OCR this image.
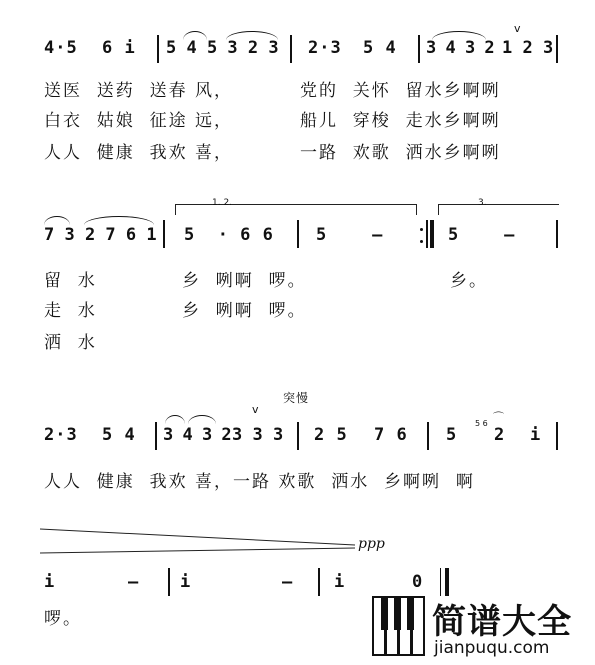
v
4·5 6 i 5 4 5 3 2 3 2·3 5 4 3 4 3 2 1 2 3
送医  送药  送春 风，
白衣  姑娘  征途 远，
人人  健康  我欢 喜，
党的  关怀  留水乡啊咧
船儿  穿梭  走水乡啊咧
一路  欢歌  洒水乡啊咧
1. 2.	3.
7 3 2 7 6 1 5  · 6 6 5    —	5    —
留  水
走  水
洒  水
乡  咧啊  啰。
乡  咧啊  啰。
乡。
突慢
v
2·3 5 4 3 4 3 2 3 3 3 2 5 7 6 5
5 6 ⌒
2 i
人人  健康  我欢 喜，一路 欢歌  洒水  乡啊咧  啊
ppp
i	— i	— i	0
啰。	简谱大全
jianpuqu.com
